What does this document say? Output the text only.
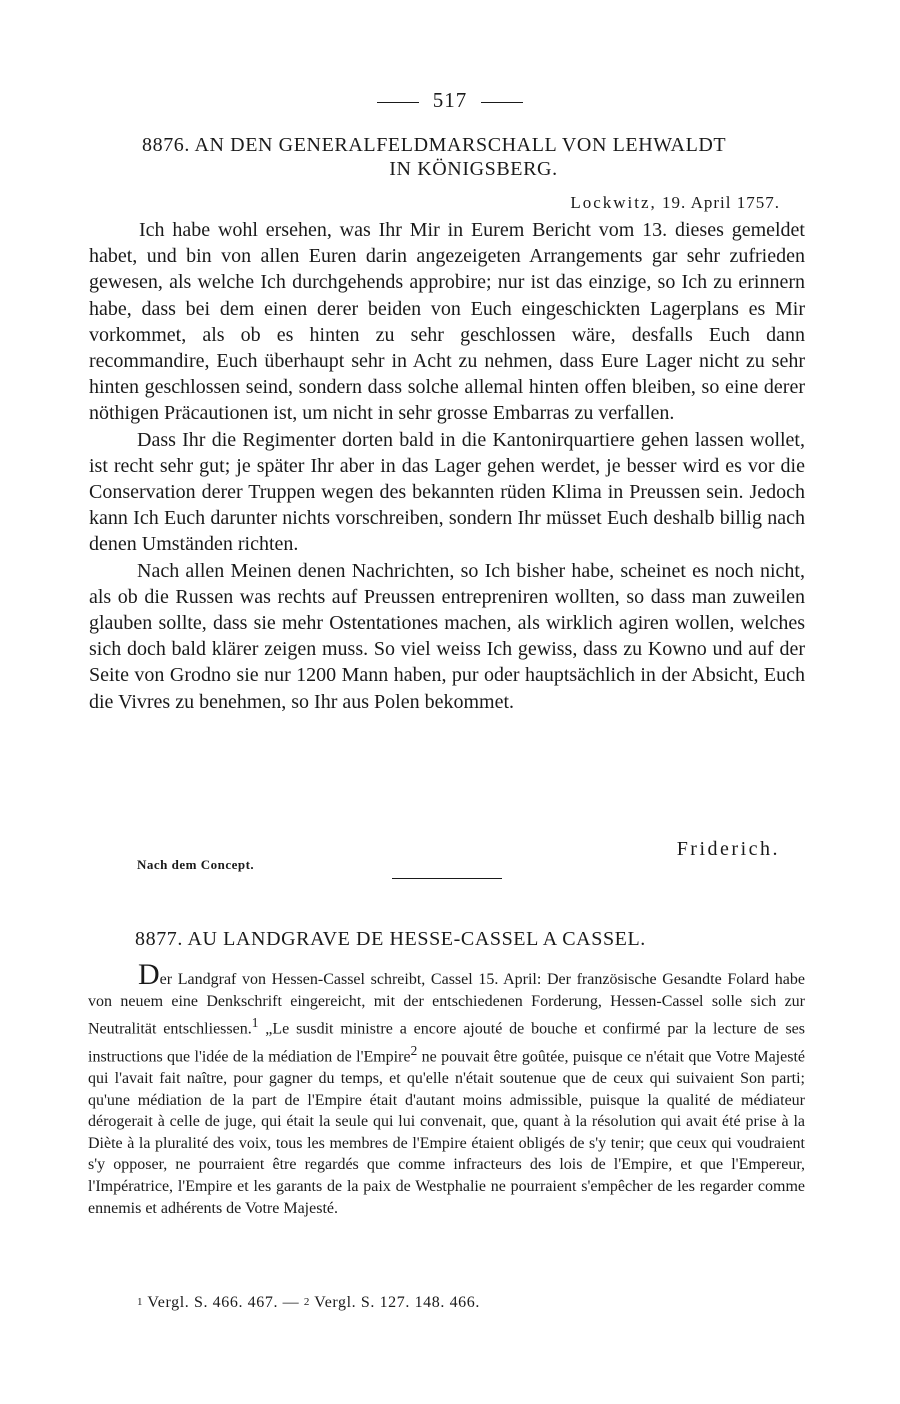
517
8876. AN DEN GENERALFELDMARSCHALL VON LEHWALDT
IN KÖNIGSBERG.
Lockwitz, 19. April 1757.

Ich habe wohl ersehen, was Ihr Mir in Eurem Bericht vom 13. dieses gemeldet habet, und bin von allen Euren darin angezeigeten Arrangements gar sehr zufrieden gewesen, als welche Ich durchgehends approbire; nur ist das einzige, so Ich zu erinnern habe, dass bei dem einen derer beiden von Euch eingeschickten Lagerplans es Mir vorkommet, als ob es hinten zu sehr geschlossen wäre, desfalls Euch dann recommandire, Euch überhaupt sehr in Acht zu nehmen, dass Eure Lager nicht zu sehr hinten geschlossen seind, sondern dass solche allemal hinten offen bleiben, so eine derer nöthigen Präcautionen ist, um nicht in sehr grosse Embarras zu verfallen.

Dass Ihr die Regimenter dorten bald in die Kantonirquartiere gehen lassen wollet, ist recht sehr gut; je später Ihr aber in das Lager gehen werdet, je besser wird es vor die Conservation derer Truppen wegen des bekannten rüden Klima in Preussen sein. Jedoch kann Ich Euch darunter nichts vorschreiben, sondern Ihr müsset Euch deshalb billig nach denen Umständen richten.

Nach allen Meinen denen Nachrichten, so Ich bisher habe, scheinet es noch nicht, als ob die Russen was rechts auf Preussen entrepreniren wollten, so dass man zuweilen glauben sollte, dass sie mehr Ostentationes machen, als wirklich agiren wollen, welches sich doch bald klärer zeigen muss. So viel weiss Ich gewiss, dass zu Kowno und auf der Seite von Grodno sie nur 1200 Mann haben, pur oder hauptsächlich in der Absicht, Euch die Vivres zu benehmen, so Ihr aus Polen bekommet.

Friderich.
Nach dem Concept.
8877. AU LANDGRAVE DE HESSE-CASSEL A CASSEL.

Der Landgraf von Hessen-Cassel schreibt, Cassel 15. April: Der französische Gesandte Folard habe von neuem eine Denkschrift eingereicht, mit der entschiedenen Forderung, Hessen-Cassel solle sich zur Neutralität entschliessen.$^1$ „Le susdit ministre a encore ajouté de bouche et confirmé par la lecture de ses instructions que l'idée de la médiation de l'Empire$^2$ ne pouvait être goûtée, puisque ce n'était que Votre Majesté qui l'avait fait naître, pour gagner du temps, et qu'elle n'était soutenue que de ceux qui suivaient Son parti; qu'une médiation de la part de l'Empire était d'autant moins admissible, puisque la qualité de médiateur dérogerait à celle de juge, qui était la seule qui lui convenait, que, quant à la résolution qui avait été prise à la Diète à la pluralité des voix, tous les membres de l'Empire étaient obligés de s'y tenir; que ceux qui voudraient s'y opposer, ne pourraient être regardés que comme infracteurs des lois de l'Empire, et que l'Empereur, l'Impératrice, l'Empire et les garants de la paix de Westphalie ne pourraient s'empêcher de les regarder comme ennemis et adhérents de Votre Majesté.

1 Vergl. S. 466. 467. — 2 Vergl. S. 127. 148. 466.
